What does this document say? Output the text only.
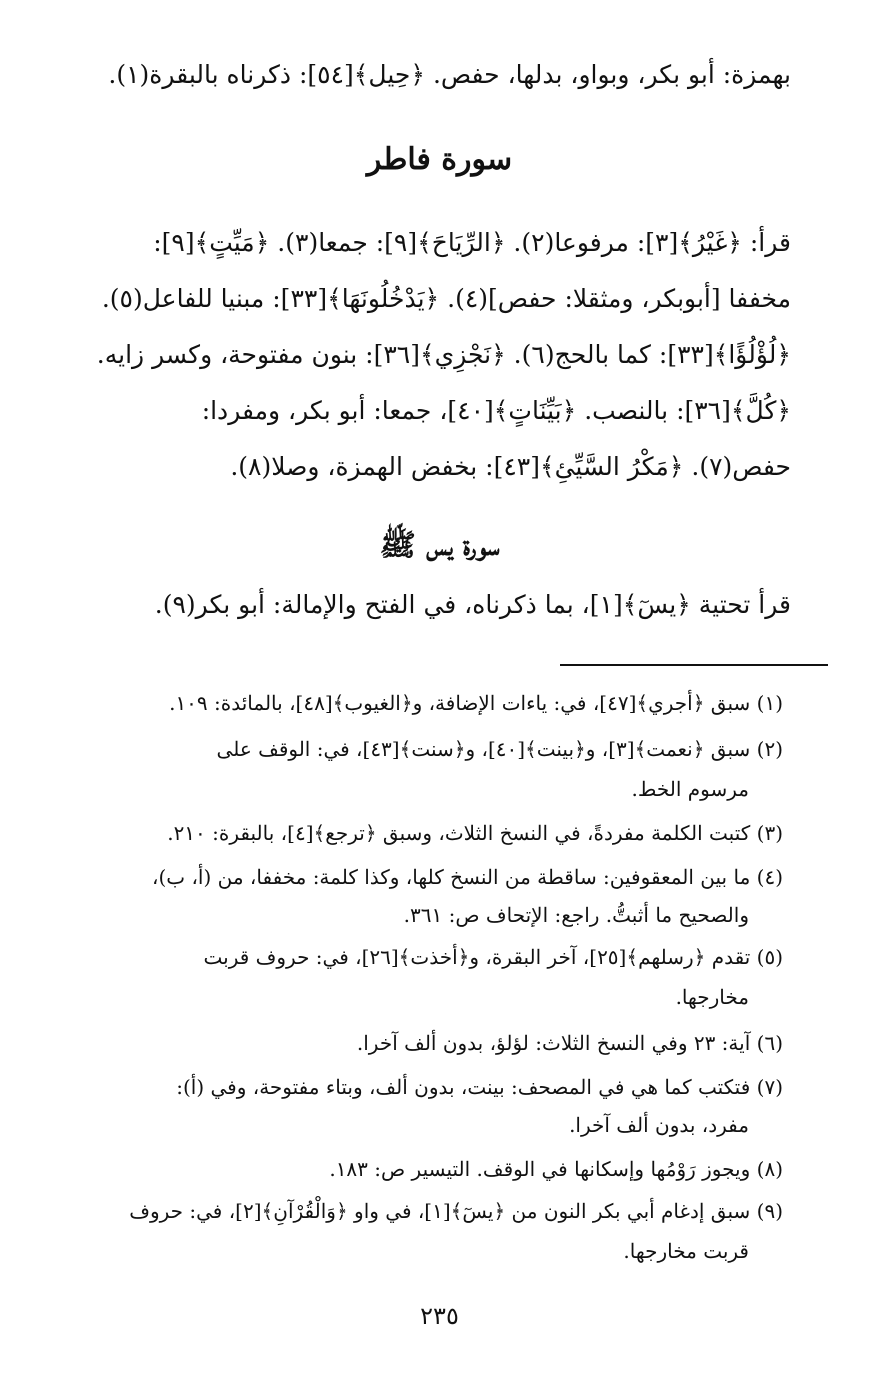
بهمزة: أبو بكر، وبواو، بدلها، حفص. ﴿حِيل﴾[٥٤]: ذكرناه بالبقرة(١).
سورة فاطر
قرأ: ﴿غَيْرُ﴾[٣]: مرفوعا(٢). ﴿الرِّيَاحَ﴾[٩]: جمعا(٣). ﴿مَيِّتٍ﴾[٩]:
مخففا [أبوبكر، ومثقلا: حفص](٤). ﴿يَدْخُلُونَهَا﴾[٣٣]: مبنيا للفاعل(٥).
﴿لُؤْلُؤًا﴾[٣٣]: كما بالحج(٦). ﴿نَجْزِي﴾[٣٦]: بنون مفتوحة، وكسر زايه.
﴿كُلَّ﴾[٣٦]: بالنصب. ﴿بَيِّنَاتٍ﴾[٤٠]، جمعا: أبو بكر، ومفردا:
حفص(٧). ﴿مَكْرُ السَّيِّئِ﴾[٤٣]: بخفض الهمزة، وصلا(٨).
سورة يس ﷺ
قرأ تحتية ﴿يسٓ﴾[١]، بما ذكرناه، في الفتح والإمالة: أبو بكر(٩).
(١) سبق ﴿أجري﴾[٤٧]، في: ياءات الإضافة، و﴿الغيوب﴾[٤٨]، بالمائدة: ١٠٩.
(٢) سبق ﴿نعمت﴾[٣]، و﴿بينت﴾[٤٠]، و﴿سنت﴾[٤٣]، في: الوقف على
مرسوم الخط.
(٣) كتبت الكلمة مفردةً، في النسخ الثلاث، وسبق ﴿ترجع﴾[٤]، بالبقرة: ٢١٠.
(٤) ما بين المعقوفين: ساقطة من النسخ كلها، وكذا كلمة: مخففا، من (أ، ب)،
والصحيح ما أثبتُّ. راجع: الإتحاف ص: ٣٦١.
(٥) تقدم ﴿رسلهم﴾[٢٥]، آخر البقرة، و﴿أخذت﴾[٢٦]، في: حروف قربت
مخارجها.
(٦) آية: ٢٣ وفي النسخ الثلاث: لؤلؤ، بدون ألف آخرا.
(٧) فتكتب كما هي في المصحف: بينت، بدون ألف، وبتاء مفتوحة، وفي (أ):
مفرد، بدون ألف آخرا.
(٨) ويجوز رَوْمُها وإسكانها في الوقف. التيسير ص: ١٨٣.
(٩) سبق إدغام أبي بكر النون من ﴿يسٓ﴾[١]، في واو ﴿وَالْقُرْآنِ﴾[٢]، في: حروف
قربت مخارجها.
٢٣٥
